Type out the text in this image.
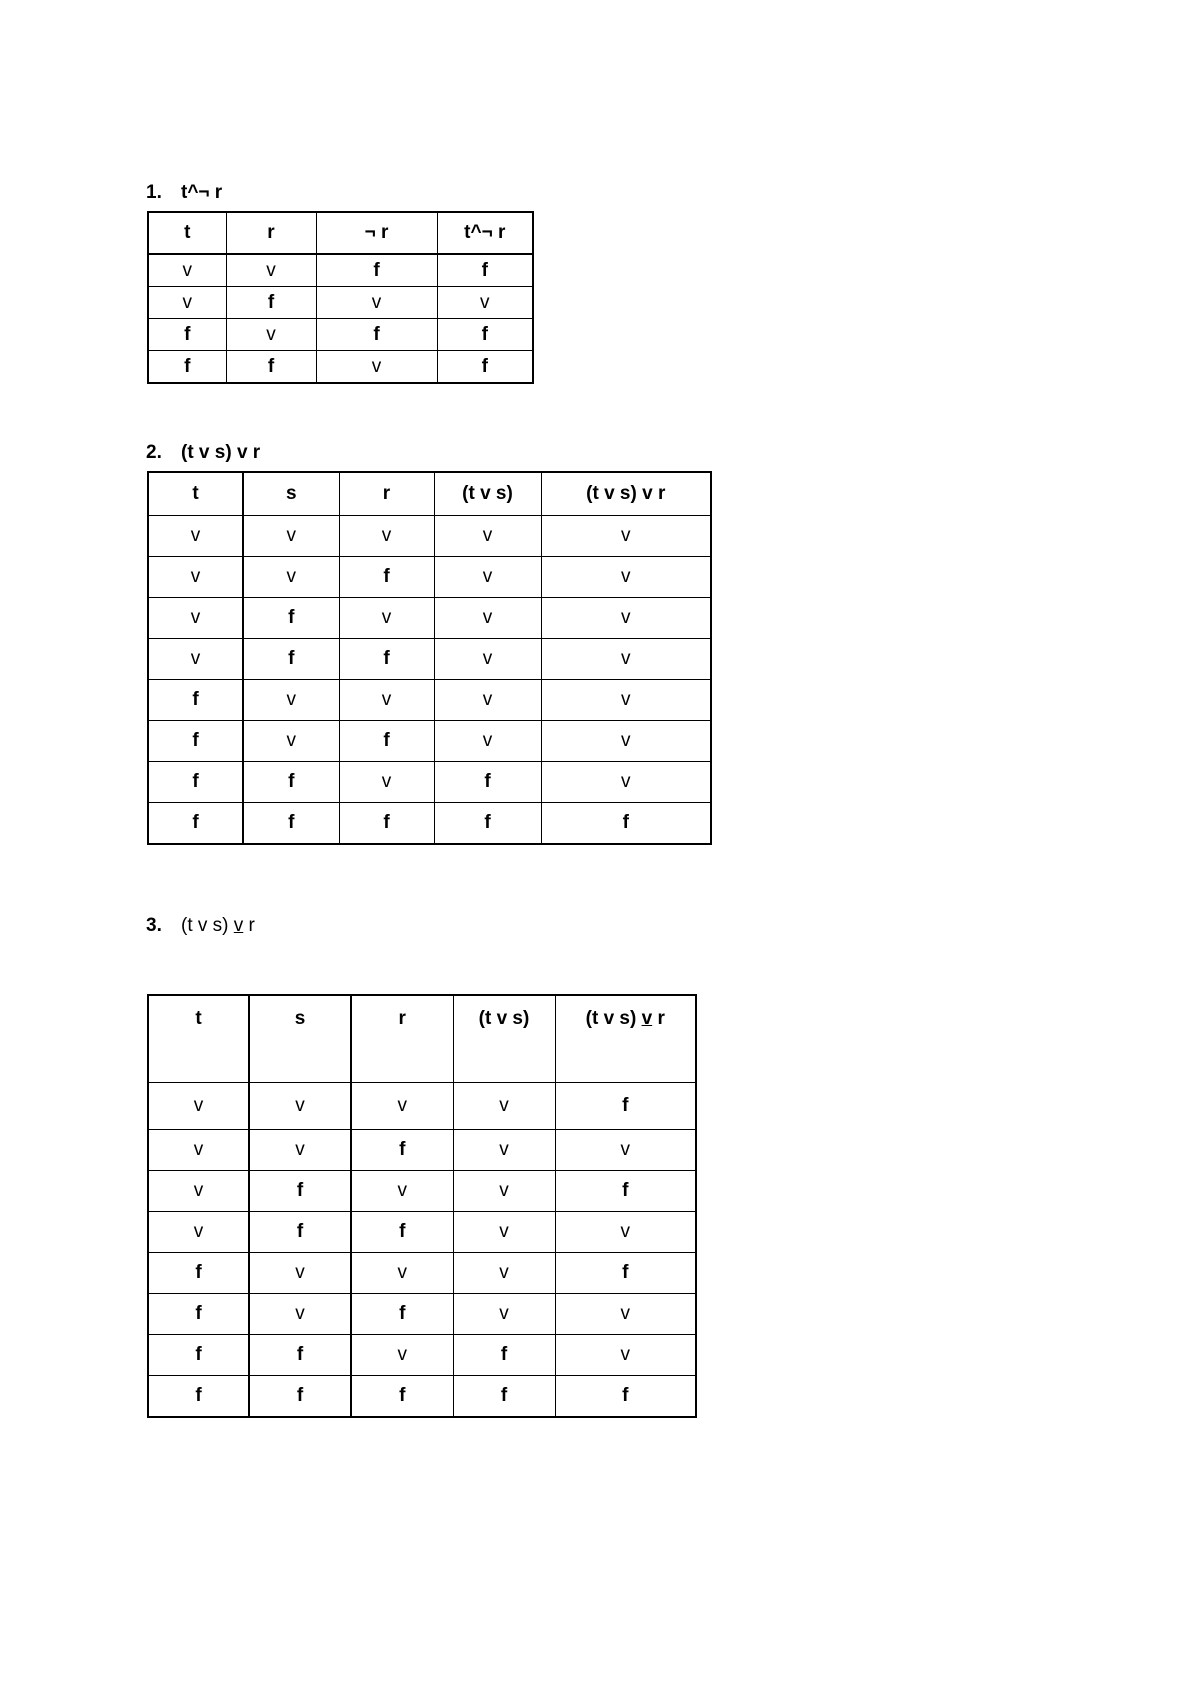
1. t^¬ r
t	r	¬ r	t^¬ r
v	v	f	f
v	f	v	v
f	v	f	f
f	f	v	f
2. (t v s) v r
t	s	r	(t v s)	(t v s) v r
v	v	v	v	v
v	v	f	v	v
v	f	v	v	v
v	f	f	v	v
f	v	v	v	v
f	v	f	v	v
f	f	v	f	v
f	f	f	f	f
3. (t v s) v r
t	s	r	(t v s)	(t v s) v r
v	v	v	v	f
v	v	f	v	v
v	f	v	v	f
v	f	f	v	v
f	v	v	v	f
f	v	f	v	v
f	f	v	f	v
f	f	f	f	f
